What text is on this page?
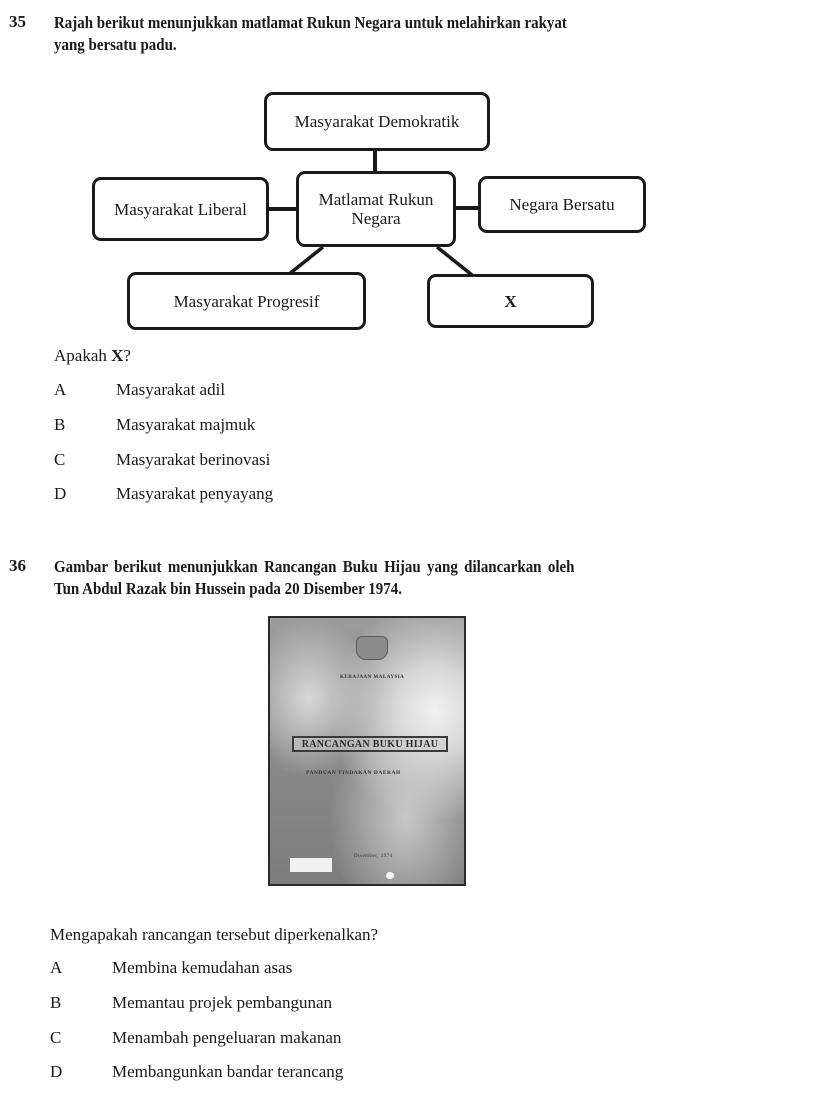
35 Rajah berikut menunjukkan matlamat Rukun Negara untuk melahirkan rakyat
yang bersatu padu.
Masyarakat Demokratik
Matlamat Rukun
Negara
Masyarakat Liberal	Negara Bersatu
Masyarakat Progresif	X
Apakah X?
A	Masyarakat adil
B	Masyarakat majmuk
C	Masyarakat berinovasi
D	Masyarakat penyayang
36 Gambar berikut menunjukkan Rancangan Buku Hijau yang dilancarkan oleh
Tun Abdul Razak bin Hussein pada 20 Disember 1974.
KERAJAAN MALAYSIA
RANCANGAN BUKU HIJAU
PANDUAN TINDAKAN DAERAH
Disember, 1974
Mengapakah rancangan tersebut diperkenalkan?
A	Membina kemudahan asas
B	Memantau projek pembangunan
C	Menambah pengeluaran makanan
D	Membangunkan bandar terancang
